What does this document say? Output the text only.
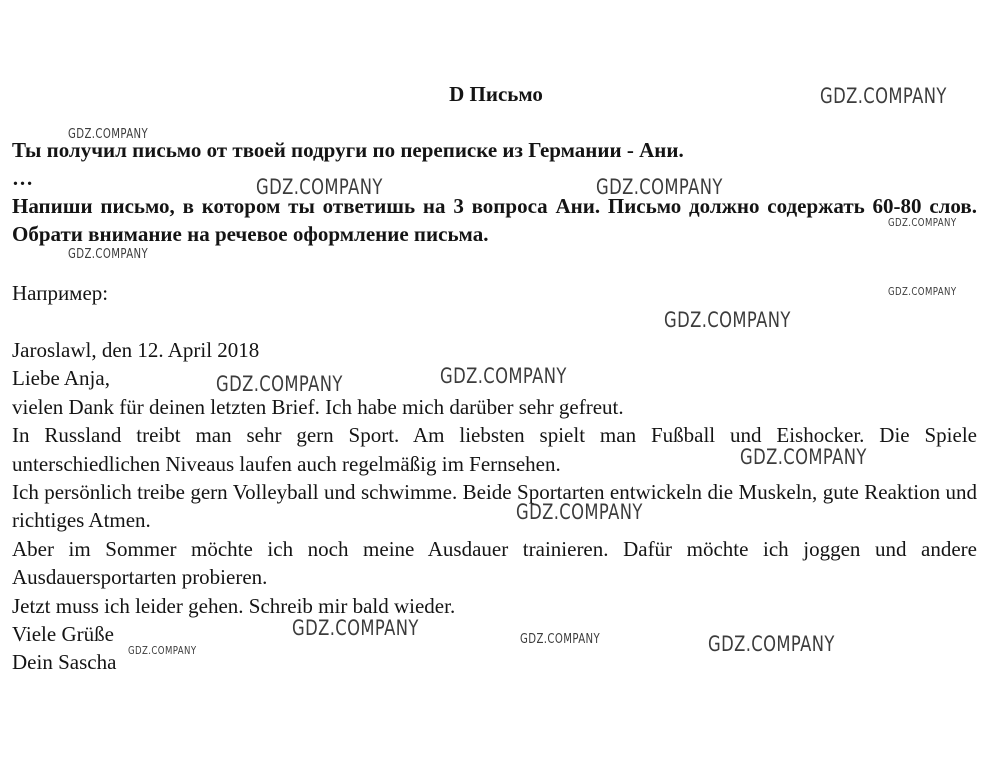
D Письмо
Ты получил письмо от твоей подруги по переписке из Германии - Ани.
…
Напиши письмо, в котором ты ответишь на 3 вопроса Ани. Письмо должно содержать 60-80 слов. Обрати внимание на речевое оформление письма.
Например:

Jaroslawl, den 12. April 2018

Liebe Anja,

vielen Dank für deinen letzten Brief. Ich habe mich darüber sehr gefreut.

In Russland treibt man sehr gern Sport. Am liebsten spielt man Fußball und Eishocker. Die Spiele unterschiedlichen Niveaus laufen auch regelmäßig im Fernsehen.

Ich persönlich treibe gern Volleyball und schwimme. Beide Sportarten entwickeln die Muskeln, gute Reaktion und richtiges Atmen.

Aber im Sommer möchte ich noch meine Ausdauer trainieren. Dafür möchte ich joggen und andere Ausdauersportarten probieren.

Jetzt muss ich leider gehen. Schreib mir bald wieder.

Viele Grüße

Dein Sascha

GDZ.COMPANY
GDZ.COMPANY
GDZ.COMPANY	GDZ.COMPANY
GDZ.COMPANY
GDZ.COMPANY
GDZ.COMPANY
GDZ.COMPANY
GDZ.COMPANY	GDZ.COMPANY
GDZ.COMPANY
GDZ.COMPANY
GDZ.COMPANY	GDZ.COMPANY	GDZ.COMPANY
GDZ.COMPANY
